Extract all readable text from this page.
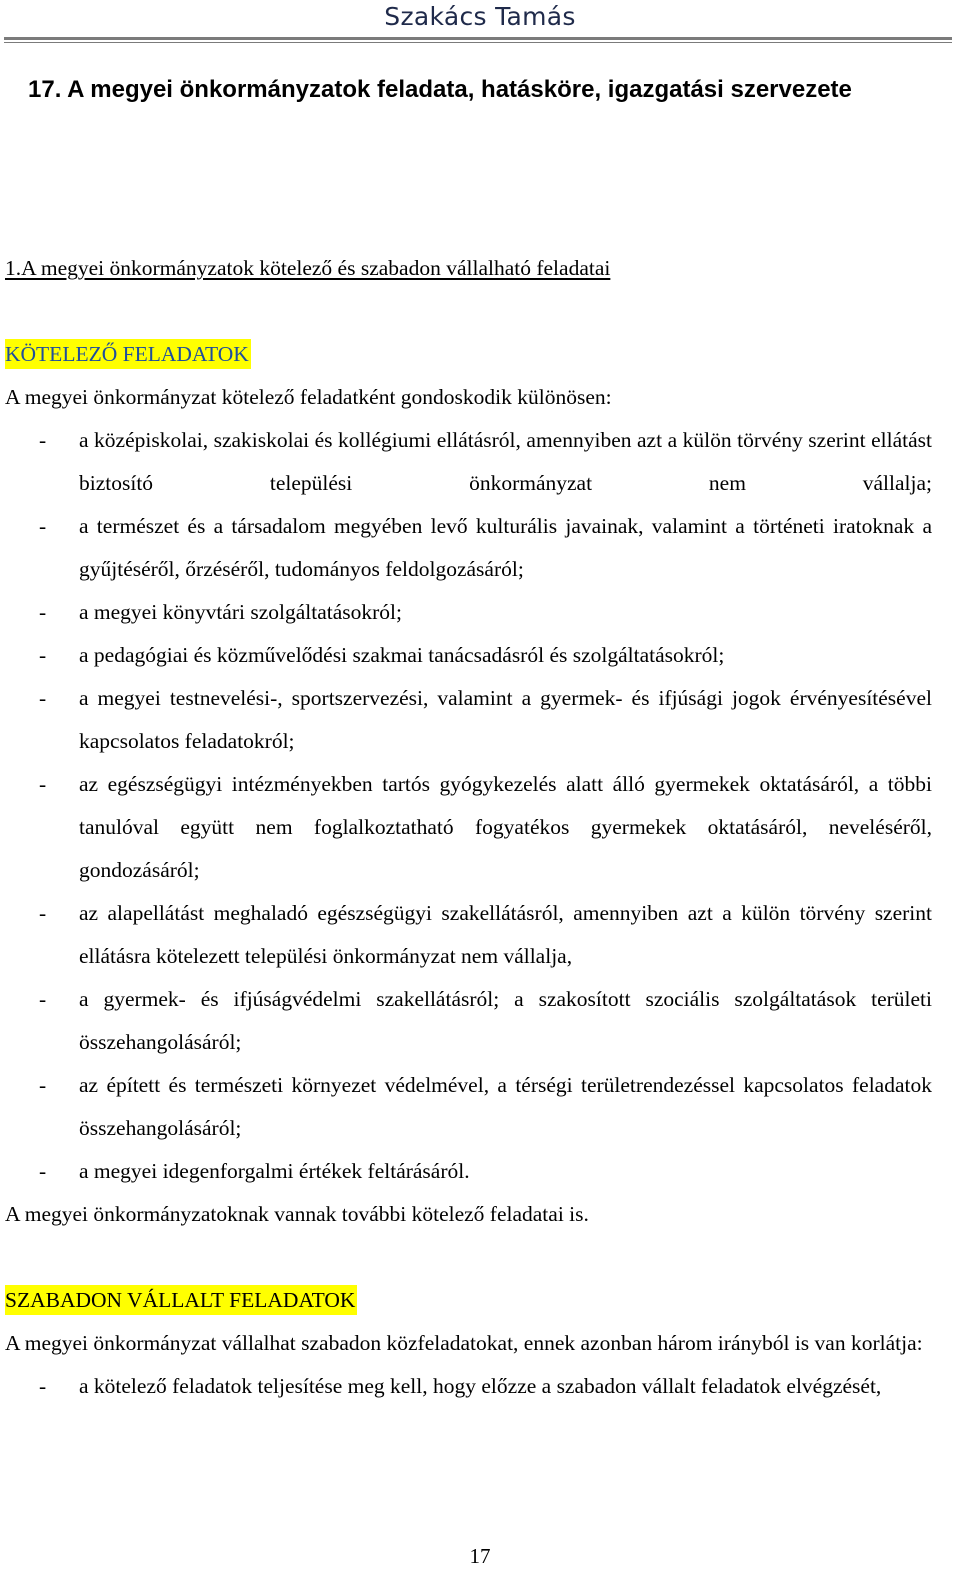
Szakács Tamás
17. A megyei önkormányzatok feladata, hatásköre, igazgatási szervezete
1.A megyei önkormányzatok kötelező és szabadon vállalható feladatai
KÖTELEZŐ FELADATOK
A megyei önkormányzat kötelező feladatként gondoskodik különösen:
- a középiskolai, szakiskolai és kollégiumi ellátásról, amennyiben azt a külön törvény szerint ellátást biztosító települési önkormányzat nem vállalja;
- a természet és a társadalom megyében levő kulturális javainak, valamint a történeti iratoknak a gyűjtéséről, őrzéséről, tudományos feldolgozásáról;
- a megyei könyvtári szolgáltatásokról;
- a pedagógiai és közművelődési szakmai tanácsadásról és szolgáltatásokról;
- a megyei testnevelési-, sportszervezési, valamint a gyermek- és ifjúsági jogok érvényesítésével kapcsolatos feladatokról;
- az egészségügyi intézményekben tartós gyógykezelés alatt álló gyermekek oktatásáról, a többi tanulóval együtt nem foglalkoztatható fogyatékos gyermekek oktatásáról, neveléséről, gondozásáról;
- az alapellátást meghaladó egészségügyi szakellátásról, amennyiben azt a külön törvény szerint ellátásra kötelezett települési önkormányzat nem vállalja,
- a gyermek- és ifjúságvédelmi szakellátásról; a szakosított szociális szolgáltatások területi összehangolásáról;
- az épített és természeti környezet védelmével, a térségi területrendezéssel kapcsolatos feladatok összehangolásáról;
- a megyei idegenforgalmi értékek feltárásáról.
A megyei önkormányzatoknak vannak további kötelező feladatai is.
SZABADON VÁLLALT FELADATOK
A megyei önkormányzat vállalhat szabadon közfeladatokat, ennek azonban három irányból is van korlátja:
- a kötelező feladatok teljesítése meg kell, hogy előzze a szabadon vállalt feladatok elvégzését,
17
